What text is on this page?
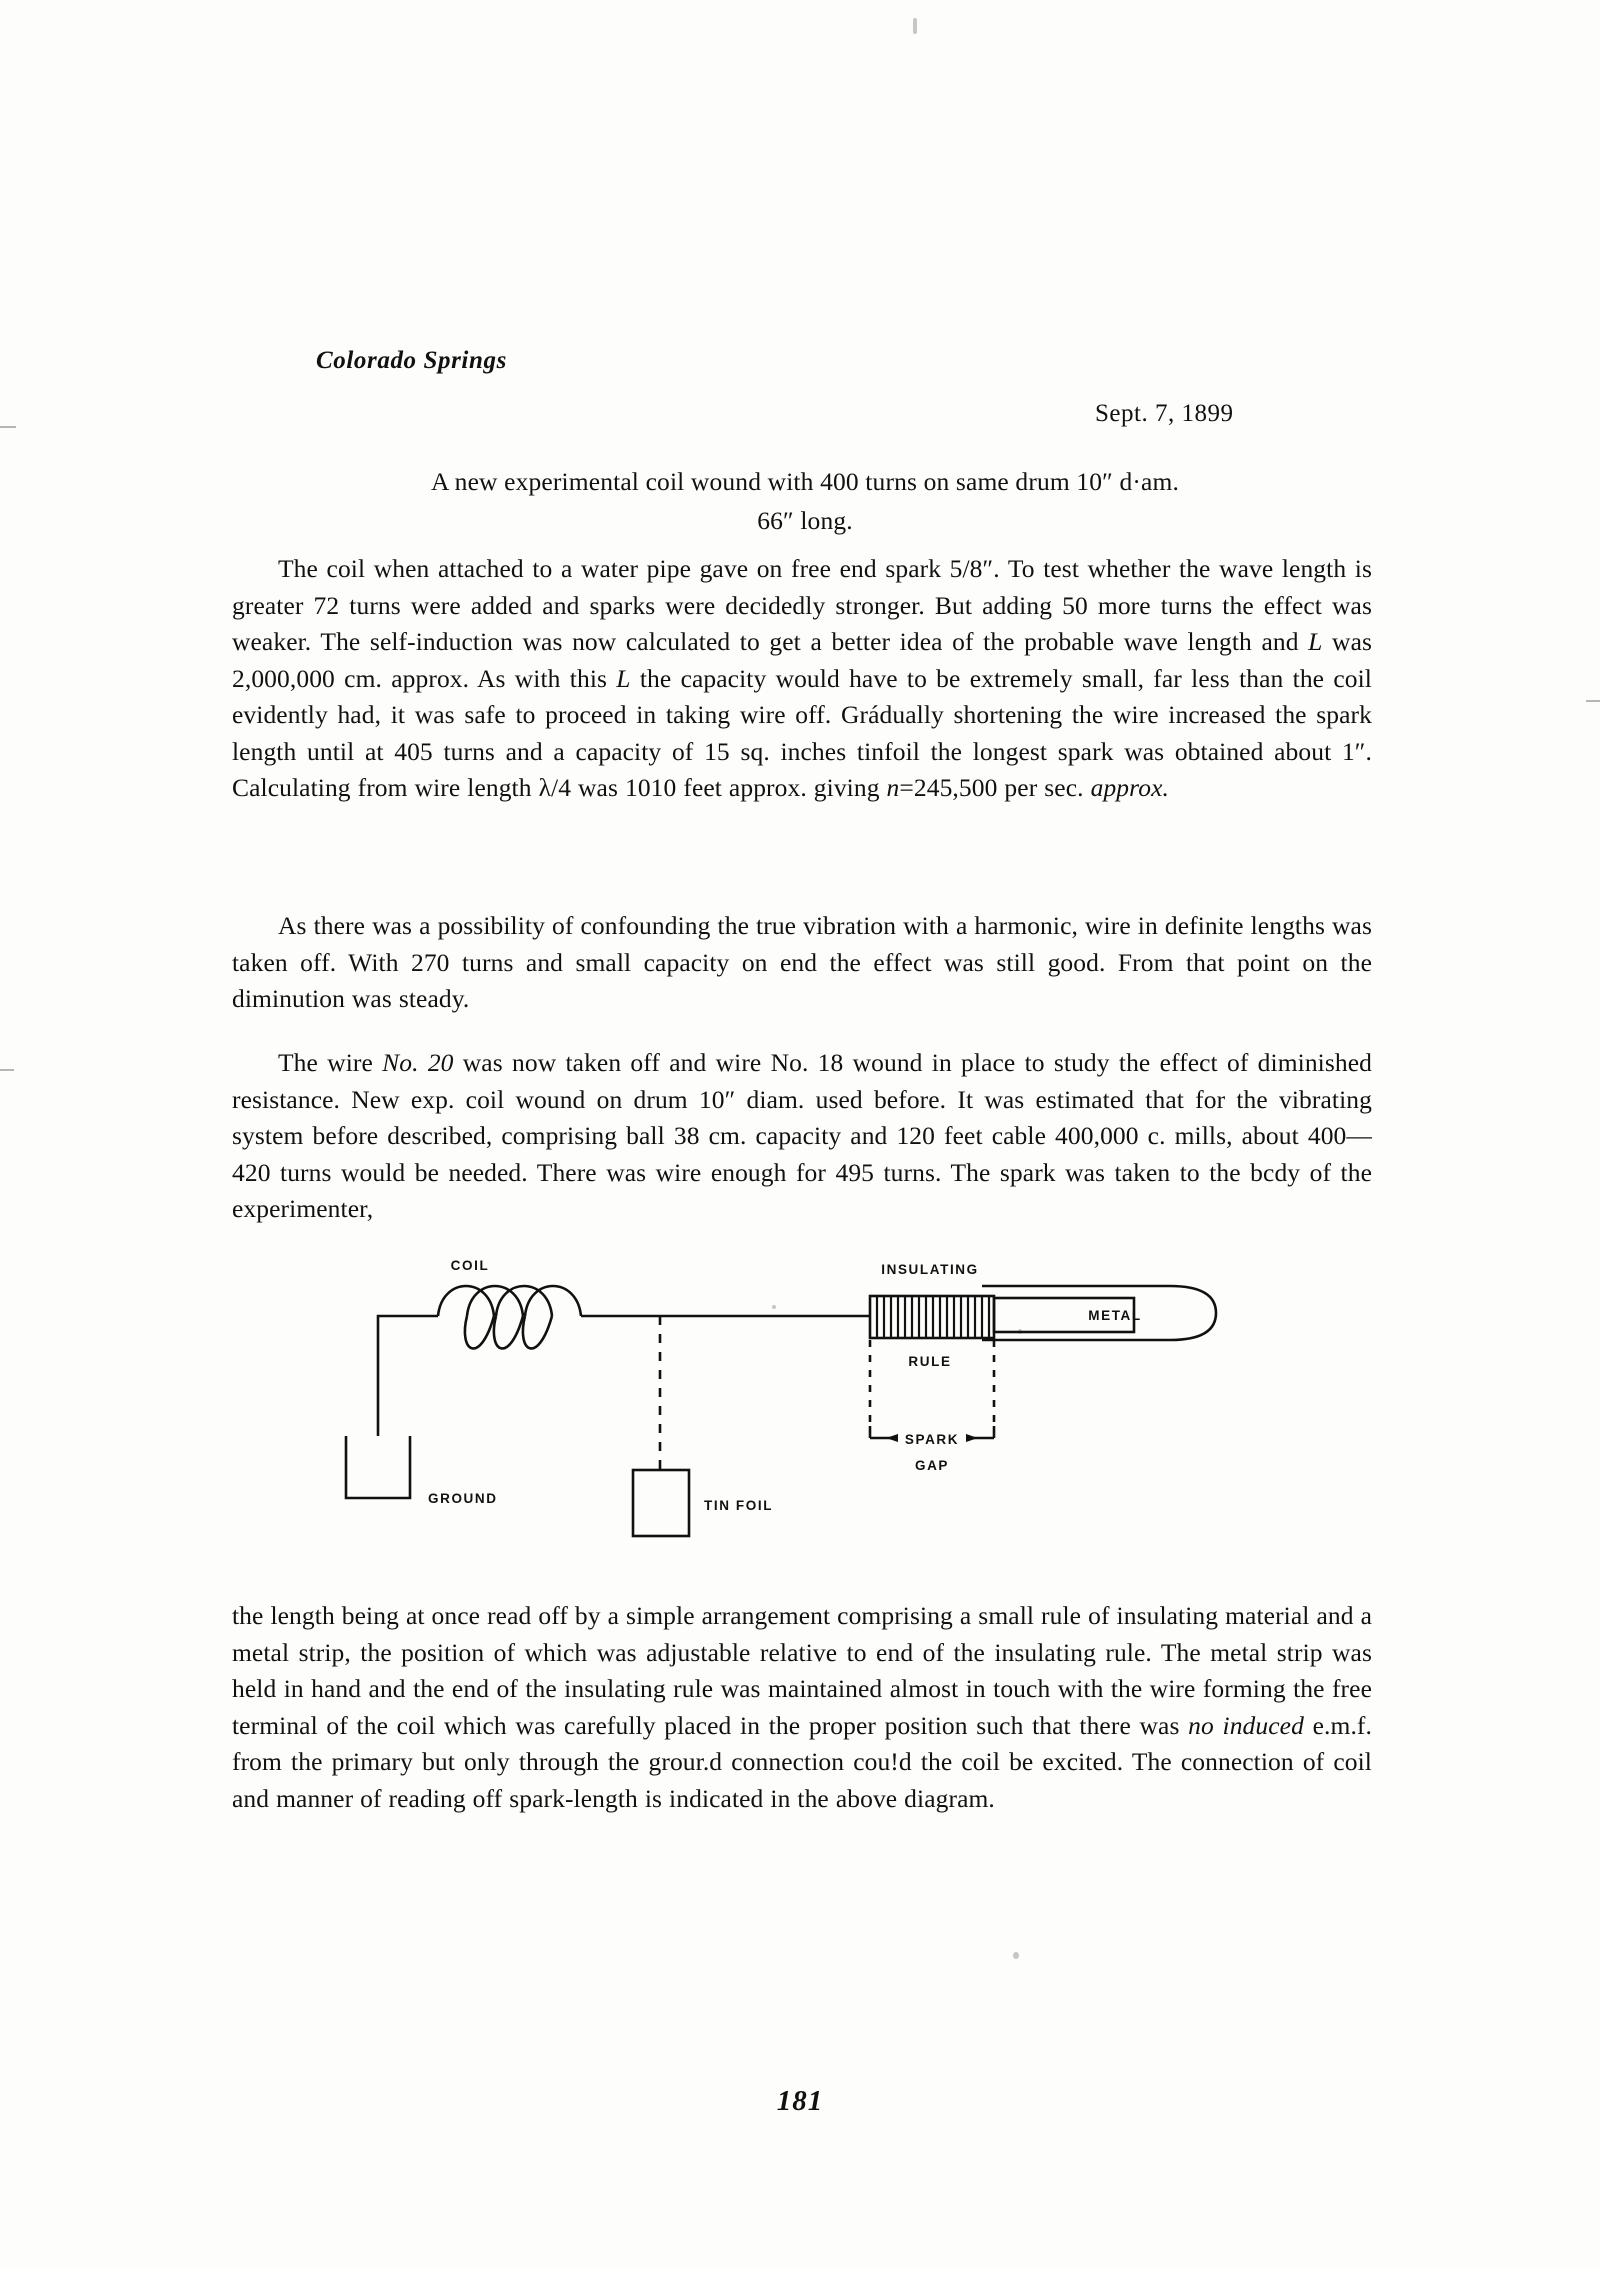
Colorado Springs
Sept. 7, 1899
A new experimental coil wound with 400 turns on same drum 10″ d·am.
66″ long.
The coil when attached to a water pipe gave on free end spark 5/8″. To test whether the wave length is greater 72 turns were added and sparks were decidedly stronger. But adding 50 more turns the effect was weaker. The self-induction was now calculated to get a better idea of the probable wave length and L was 2,000,000 cm. approx. As with this L the capacity would have to be extremely small, far less than the coil evidently had, it was safe to proceed in taking wire off. Grádually shortening the wire increased the spark length until at 405 turns and a capacity of 15 sq. inches tinfoil the longest spark was obtained about 1″. Calculating from wire length λ/4 was 1010 feet approx. giving n=245,500 per sec. approx.
As there was a possibility of confounding the true vibration with a harmonic, wire in definite lengths was taken off. With 270 turns and small capacity on end the effect was still good. From that point on the diminution was steady.
The wire No. 20 was now taken off and wire No. 18 wound in place to study the effect of diminished resistance. New exp. coil wound on drum 10″ diam. used before. It was estimated that for the vibrating system before described, comprising ball 38 cm. capacity and 120 feet cable 400,000 c. mills, about 400—420 turns would be needed. There was wire enough for 495 turns. The spark was taken to the bcdy of the experimenter,
COIL	INSULATING
RULE
METAL
SPARK
GAP
GROUND	TIN FOIL
the length being at once read off by a simple arrangement comprising a small rule of insulating material and a metal strip, the position of which was adjustable relative to end of the insulating rule. The metal strip was held in hand and the end of the insulating rule was maintained almost in touch with the wire forming the free terminal of the coil which was carefully placed in the proper position such that there was no induced e.m.f. from the primary but only through the grour.d connection cou!d the coil be excited. The connection of coil and manner of reading off spark-length is indicated in the above diagram.
181
